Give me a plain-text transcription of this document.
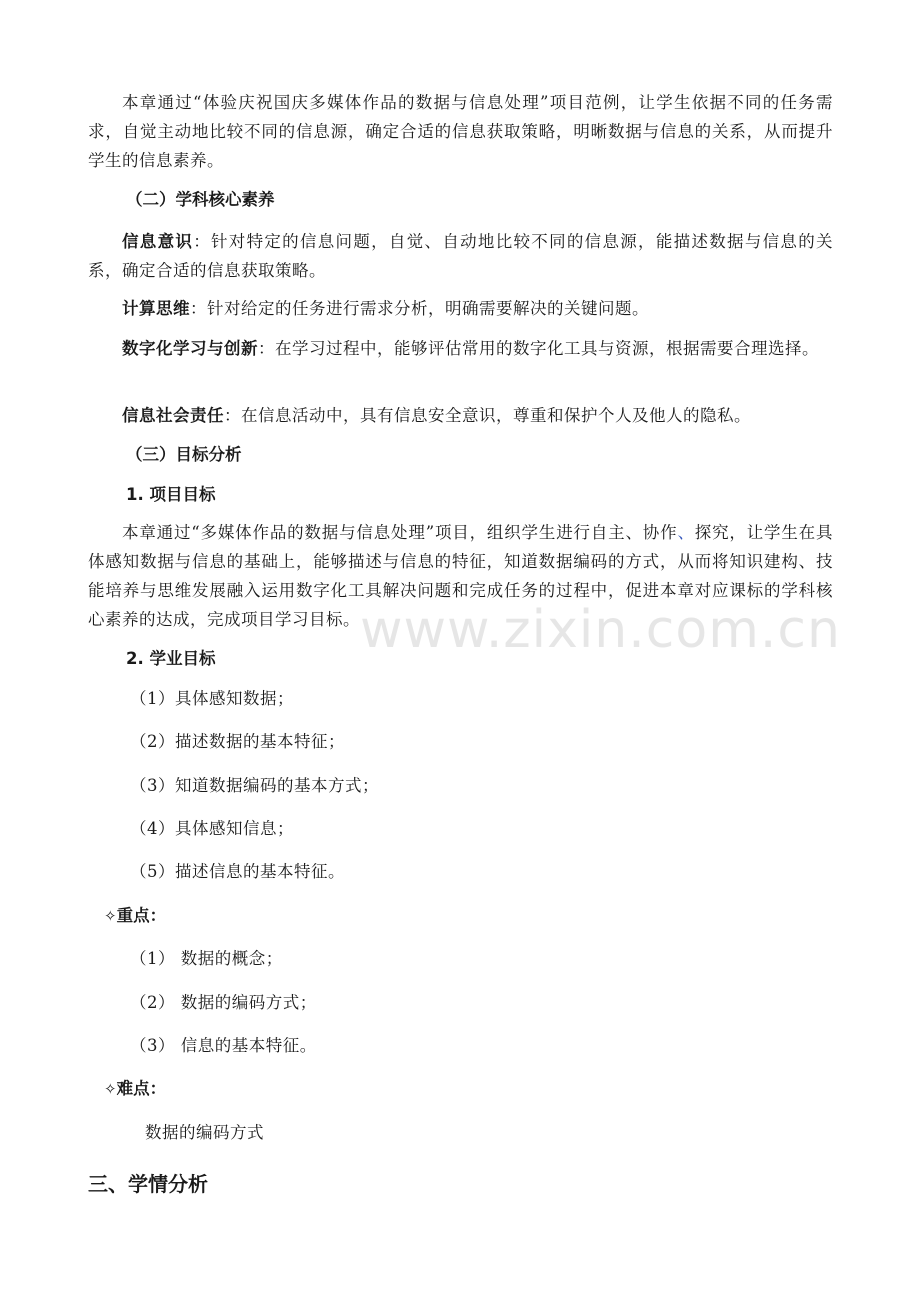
www.zixin.com.cn

本章通过“体验庆祝国庆多媒体作品的数据与信息处理”项目范例，让学生依据不同的任务需求，自觉主动地比较不同的信息源，确定合适的信息获取策略，明晰数据与信息的关系，从而提升学生的信息素养。

（二）学科核心素养

信息意识：针对特定的信息问题，自觉、自动地比较不同的信息源，能描述数据与信息的关系，确定合适的信息获取策略。

计算思维：针对给定的任务进行需求分析，明确需要解决的关键问题。

数字化学习与创新：在学习过程中，能够评估常用的数字化工具与资源，根据需要合理选择。

信息社会责任：在信息活动中，具有信息安全意识，尊重和保护个人及他人的隐私。

（三）目标分析
1. 项目目标

本章通过“多媒体作品的数据与信息处理”项目，组织学生进行自主、协作、探究，让学生在具体感知数据与信息的基础上，能够描述与信息的特征，知道数据编码的方式，从而将知识建构、技能培养与思维发展融入运用数字化工具解决问题和完成任务的过程中，促进本章对应课标的学科核心素养的达成，完成项目学习目标。

2. 学业目标
（1）具体感知数据；
（2）描述数据的基本特征；
（3）知道数据编码的基本方式；
（4）具体感知信息；
（5）描述信息的基本特征。
✧重点：
（1） 数据的概念；
（2） 数据的编码方式；
（3） 信息的基本特征。
✧难点：
数据的编码方式
三、学情分析
